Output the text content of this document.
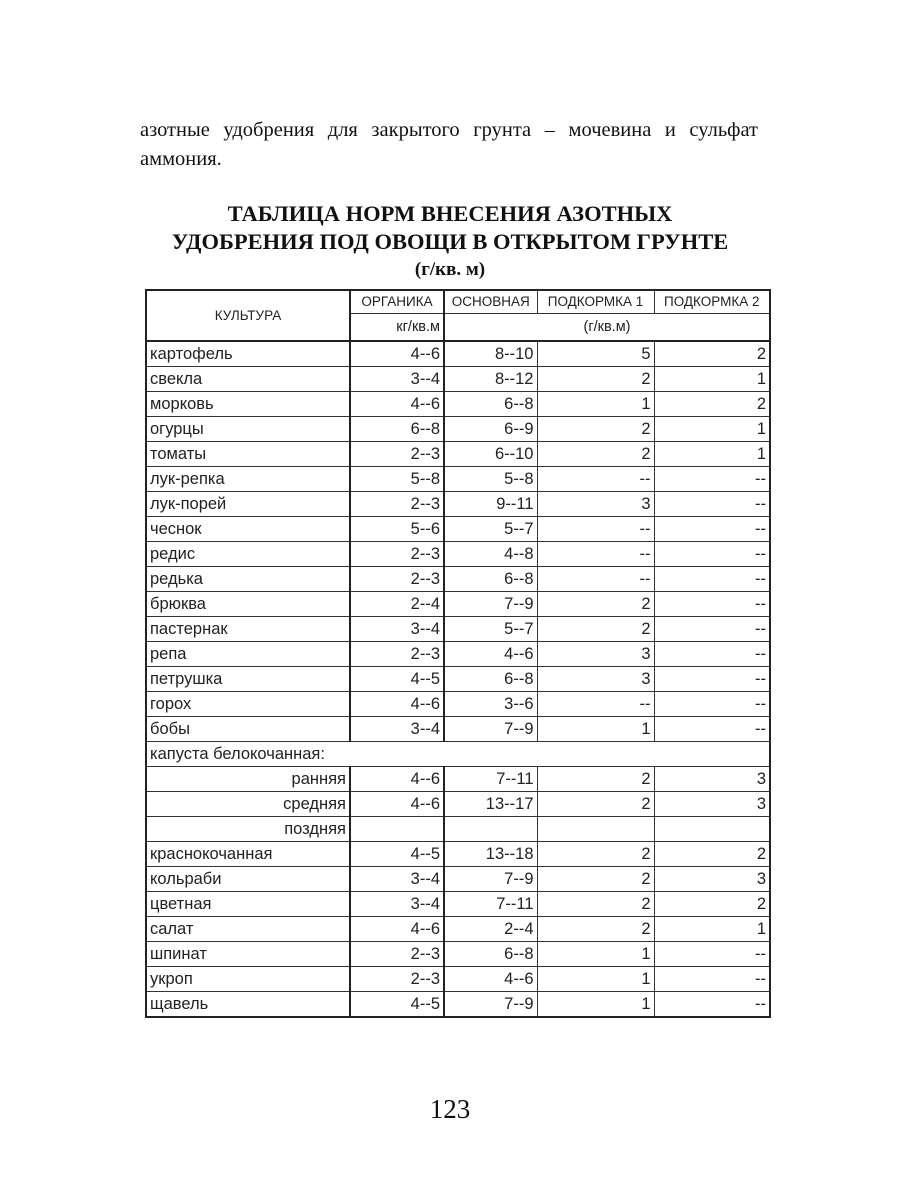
азотные удобрения для закрытого грунта – мочевина и сульфат аммония.
ТАБЛИЦА НОРМ ВНЕСЕНИЯ АЗОТНЫХ
УДОБРЕНИЯ ПОД ОВОЩИ В ОТКРЫТОМ ГРУНТЕ
(г/кв. м)
КУЛЬТУРА	ОРГАНИКА	ОСНОВНАЯ	ПОДКОРМКА 1	ПОДКОРМКА 2
	кг/кв.м	(г/кв.м)		
картофель	4--6	8--10	5	2
свекла	3--4	8--12	2	1
морковь	4--6	6--8	1	2
огурцы	6--8	6--9	2	1
томаты	2--3	6--10	2	1
лук-репка	5--8	5--8	--	--
лук-порей	2--3	9--11	3	--
чеснок	5--6	5--7	--	--
редис	2--3	4--8	--	--
редька	2--3	6--8	--	--
брюква	2--4	7--9	2	--
пастернак	3--4	5--7	2	--
репа	2--3	4--6	3	--
петрушка	4--5	6--8	3	--
горох	4--6	3--6	--	--
бобы	3--4	7--9	1	--
капуста белокочанная:				
ранняя	4--6	7--11	2	3
средняя	4--6	13--17	2	3
поздняя				
краснокочанная	4--5	13--18	2	2
кольраби	3--4	7--9	2	3
цветная	3--4	7--11	2	2
салат	4--6	2--4	2	1
шпинат	2--3	6--8	1	--
укроп	2--3	4--6	1	--
щавель	4--5	7--9	1	--
123
